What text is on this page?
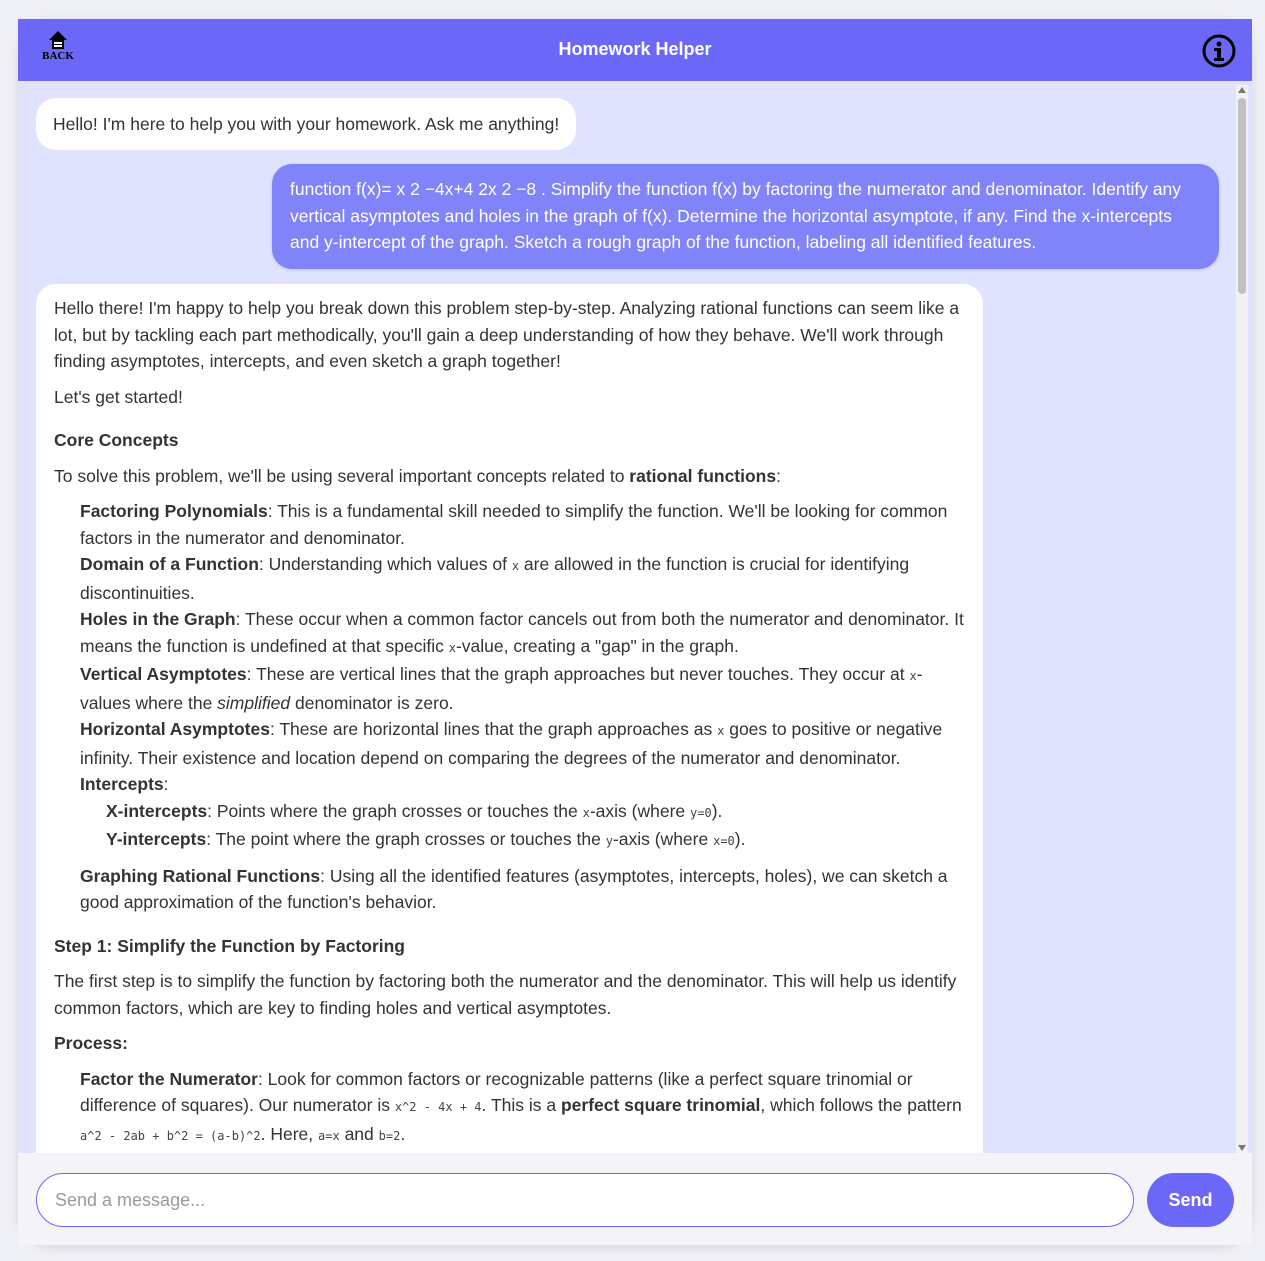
BACK	Homework Helper
Hello! I'm here to help you with your homework. Ask me anything!
function f(x)= x 2 −4x+4 2x 2 −8 . Simplify the function f(x) by factoring the numerator and denominator. Identify any vertical asymptotes and holes in the graph of f(x). Determine the horizontal asymptote, if any. Find the x-intercepts and y-intercept of the graph. Sketch a rough graph of the function, labeling all identified features.

Hello there! I'm happy to help you break down this problem step-by-step. Analyzing rational functions can seem like a lot, but by tackling each part methodically, you'll gain a deep understanding of how they behave. We'll work through finding asymptotes, intercepts, and even sketch a graph together!

Let's get started!

Core Concepts

To solve this problem, we'll be using several important concepts related to rational functions:

Factoring Polynomials: This is a fundamental skill needed to simplify the function. We'll be looking for common factors in the numerator and denominator.
Domain of a Function: Understanding which values of x are allowed in the function is crucial for identifying discontinuities.
Holes in the Graph: These occur when a common factor cancels out from both the numerator and denominator. It means the function is undefined at that specific x-value, creating a "gap" in the graph.
Vertical Asymptotes: These are vertical lines that the graph approaches but never touches. They occur at x-values where the simplified denominator is zero.
Horizontal Asymptotes: These are horizontal lines that the graph approaches as x goes to positive or negative infinity. Their existence and location depend on comparing the degrees of the numerator and denominator.
Intercepts:
X-intercepts: Points where the graph crosses or touches the x-axis (where y=0).
Y-intercepts: The point where the graph crosses or touches the y-axis (where x=0).
Graphing Rational Functions: Using all the identified features (asymptotes, intercepts, holes), we can sketch a good approximation of the function's behavior.
Step 1: Simplify the Function by Factoring

The first step is to simplify the function by factoring both the numerator and the denominator. This will help us identify common factors, which are key to finding holes and vertical asymptotes.

Process:

Factor the Numerator: Look for common factors or recognizable patterns (like a perfect square trinomial or difference of squares). Our numerator is x^2 - 4x + 4. This is a perfect square trinomial, which follows the pattern a^2 - 2ab + b^2 = (a-b)^2. Here, a=x and b=2.
Send a message...
Send
